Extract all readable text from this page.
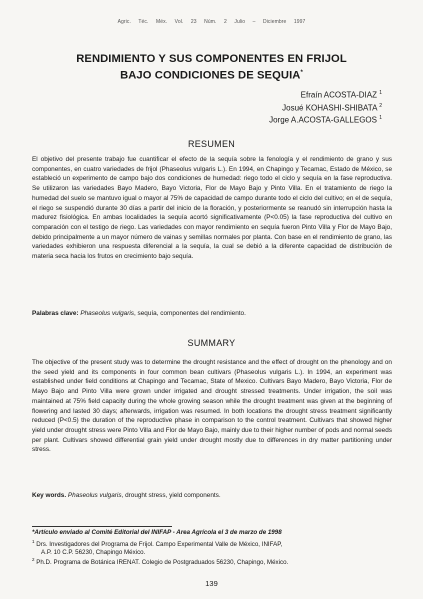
Agric. Téc. Méx. Vol. 23 Núm. 2 Julio – Diciembre 1997
RENDIMIENTO Y SUS COMPONENTES EN FRIJOL
BAJO CONDICIONES DE SEQUIA*
Efraín ACOSTA-DIAZ $^1$
Josué KOHASHI-SHIBATA $^2$
Jorge A.ACOSTA-GALLEGOS $^1$
RESUMEN

El objetivo del presente trabajo fue cuantificar el efecto de la sequía sobre la fenología y el rendimiento de grano y sus componentes, en cuatro variedades de frijol (Phaseolus vulgaris L.). En 1994, en Chapingo y Tecamac, Estado de México, se estableció un experimento de campo bajo dos condiciones de humedad: riego todo el ciclo y sequía en la fase reproductiva. Se utilizaron las variedades Bayo Madero, Bayo Victoria, Flor de Mayo Bajo y Pinto Villa. En el tratamiento de riego la humedad del suelo se mantuvo igual o mayor al 75% de capacidad de campo durante todo el ciclo del cultivo; en el de sequía, el riego se suspendió durante 30 días a partir del inicio de la floración, y posteriormente se reanudó sin interrupción hasta la madurez fisiológica. En ambas localidades la sequía acortó significativamente (P<0.05) la fase reproductiva del cultivo en comparación con el testigo de riego. Las variedades con mayor rendimiento en sequía fueron Pinto Villa y Flor de Mayo Bajo, debido principalmente a un mayor número de vainas y semillas normales por planta. Con base en el rendimiento de grano, las variedades exhibieron una respuesta diferencial a la sequía, la cual se debió a la diferente capacidad de distribución de materia seca hacia los frutos en crecimiento bajo sequía.

Palabras clave: Phaseolus vulgaris, sequía, componentes del rendimiento.

SUMMARY

The objective of the present study was to determine the drought resistance and the effect of drought on the phenology and on the seed yield and its components in four common bean cultivars (Phaseolus vulgaris L.). In 1994, an experiment was established under field conditions at Chapingo and Tecamac, State of Mexico. Cultivars Bayo Madero, Bayo Victoria, Flor de Mayo Bajo and Pinto Villa were grown under irrigated and drought stressed treatments. Under irrigation, the soil was maintained at 75% field capacity during the whole growing season while the drought treatment was given at the beginning of flowering and lasted 30 days; afterwards, irrigation was resumed. In both locations the drought stress treatment significantly reduced (P<0.5) the duration of the reproductive phase in comparison to the control treatment. Cultivars that showed higher yield under drought stress were Pinto Villa and Flor de Mayo Bajo, mainly due to their higher number of pods and normal seeds per plant. Cultivars showed differential grain yield under drought mostly due to differences in dry matter partitioning under stress.

Key words. Phaseolus vulgaris, drought stress, yield components.

*Artículo enviado al Comité Editorial del INIFAP - Area Agrícola el 3 de marzo de 1998

$^1$ Drs. Investigadores del Programa de Frijol. Campo Experimental Valle de México, INIFAP,
A.P. 10 C.P. 56230, Chapingo México.

$^2$ Ph.D. Programa de Botánica IRENAT. Colegio de Postgraduados 56230, Chapingo, México.

139
